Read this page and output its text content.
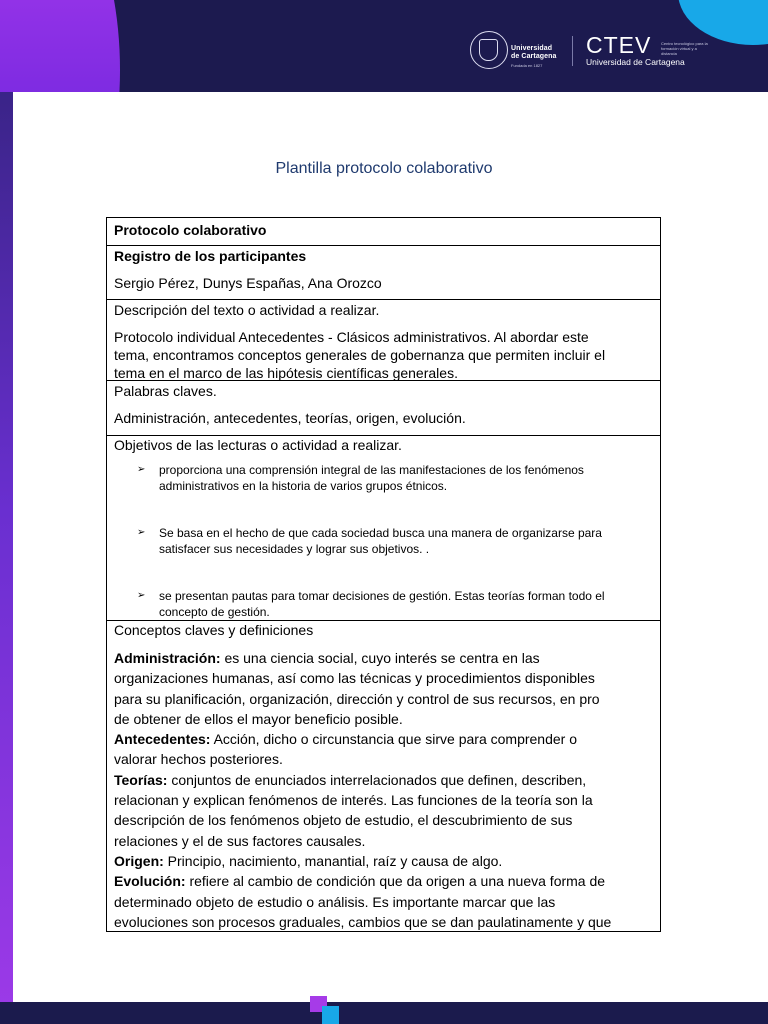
Universidad
de Cartagena
Fundada en 1827
CTEV Centro tecnológico para la formación virtual y a distancia
Universidad de Cartagena
Plantilla protocolo colaborativo

Protocolo colaborativo

Registro de los participantes

Sergio Pérez, Dunys Españas, Ana Orozco

Descripción del texto o actividad a realizar.

Protocolo individual Antecedentes - Clásicos administrativos. Al abordar este

tema, encontramos conceptos generales de gobernanza que permiten incluir el

tema en el marco de las hipótesis científicas generales.

Palabras claves.

Administración, antecedentes, teorías, origen, evolución.

Objetivos de las lecturas o actividad a realizar.

➢ proporciona una comprensión integral de las manifestaciones de los fenómenos
administrativos en la historia de varios grupos étnicos.
➢ Se basa en el hecho de que cada sociedad busca una manera de organizarse para
satisfacer sus necesidades y lograr sus objetivos. .
➢ se presentan pautas para tomar decisiones de gestión. Estas teorías forman todo el
concepto de gestión.

Conceptos claves y definiciones

Administración: es una ciencia social, cuyo interés se centra en las

organizaciones humanas, así como las técnicas y procedimientos disponibles

para su planificación, organización, dirección y control de sus recursos, en pro

de obtener de ellos el mayor beneficio posible.

Antecedentes: Acción, dicho o circunstancia que sirve para comprender o

valorar hechos posteriores.

Teorías: conjuntos de enunciados interrelacionados que definen, describen,

relacionan y explican fenómenos de interés. Las funciones de la teoría son la

descripción de los fenómenos objeto de estudio, el descubrimiento de sus

relaciones y el de sus factores causales.

Origen: Principio, nacimiento, manantial, raíz y causa de algo.

Evolución: refiere al cambio de condición que da origen a una nueva forma de

determinado objeto de estudio o análisis. Es importante marcar que las

evoluciones son procesos graduales, cambios que se dan paulatinamente y que
